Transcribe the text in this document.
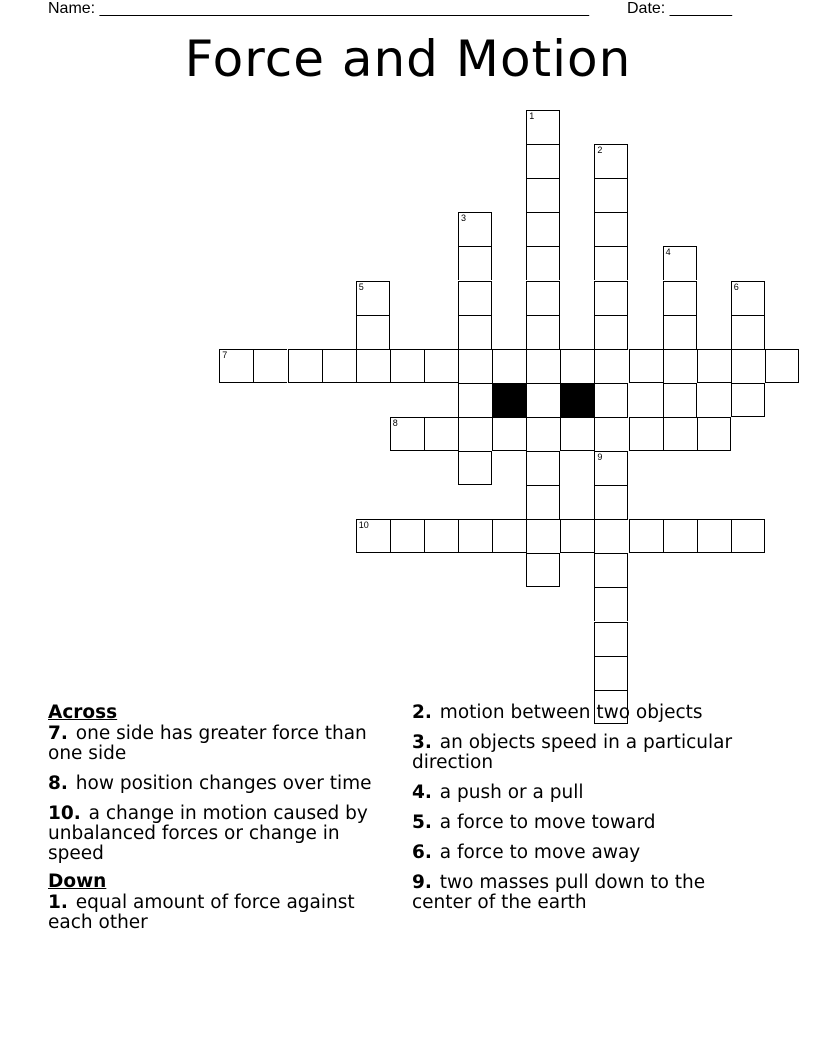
Name: _______________________________________________________ Date: _______
Force and Motion
1
2
9
3
4
5	6
7
8
10
Across
7. one side has greater force than one side
8. how position changes over time
10. a change in motion caused by unbalanced forces or change in speed
Down
1. equal amount of force against each other
2. motion between two objects
3. an objects speed in a particular direction
4. a push or a pull
5. a force to move toward
6. a force to move away
9. two masses pull down to the center of the earth
